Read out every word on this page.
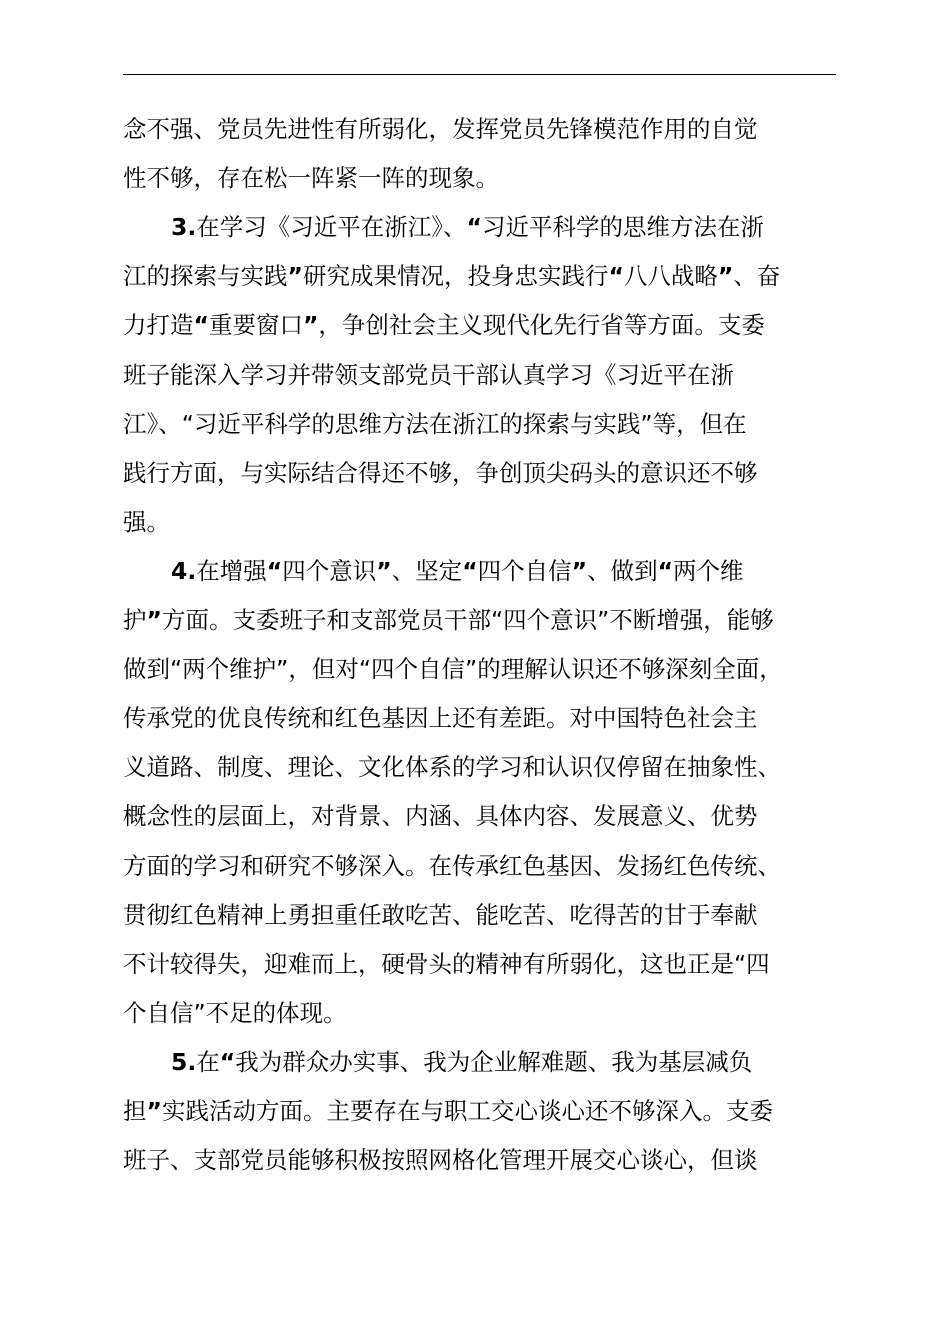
念不强、党员先进性有所弱化，发挥党员先锋模范作用的自觉
性不够，存在松一阵紧一阵的现象。
3.在学习《习近平在浙江》、“习近平科学的思维方法在浙
江的探索与实践”研究成果情况，投身忠实践行“八八战略”、奋
力打造“重要窗口”，争创社会主义现代化先行省等方面。支委
班子能深入学习并带领支部党员干部认真学习《习近平在浙
江》、“习近平科学的思维方法在浙江的探索与实践”等，但在
践行方面，与实际结合得还不够，争创顶尖码头的意识还不够
强。
4.在增强“四个意识”、坚定“四个自信”、做到“两个维
护”方面。支委班子和支部党员干部“四个意识”不断增强，能够
做到“两个维护”，但对“四个自信”的理解认识还不够深刻全面，
传承党的优良传统和红色基因上还有差距。对中国特色社会主
义道路、制度、理论、文化体系的学习和认识仅停留在抽象性、
概念性的层面上，对背景、内涵、具体内容、发展意义、优势
方面的学习和研究不够深入。在传承红色基因、发扬红色传统、
贯彻红色精神上勇担重任敢吃苦、能吃苦、吃得苦的甘于奉献
不计较得失，迎难而上，硬骨头的精神有所弱化，这也正是“四
个自信”不足的体现。
5.在“我为群众办实事、我为企业解难题、我为基层减负
担”实践活动方面。主要存在与职工交心谈心还不够深入。支委
班子、支部党员能够积极按照网格化管理开展交心谈心，但谈
